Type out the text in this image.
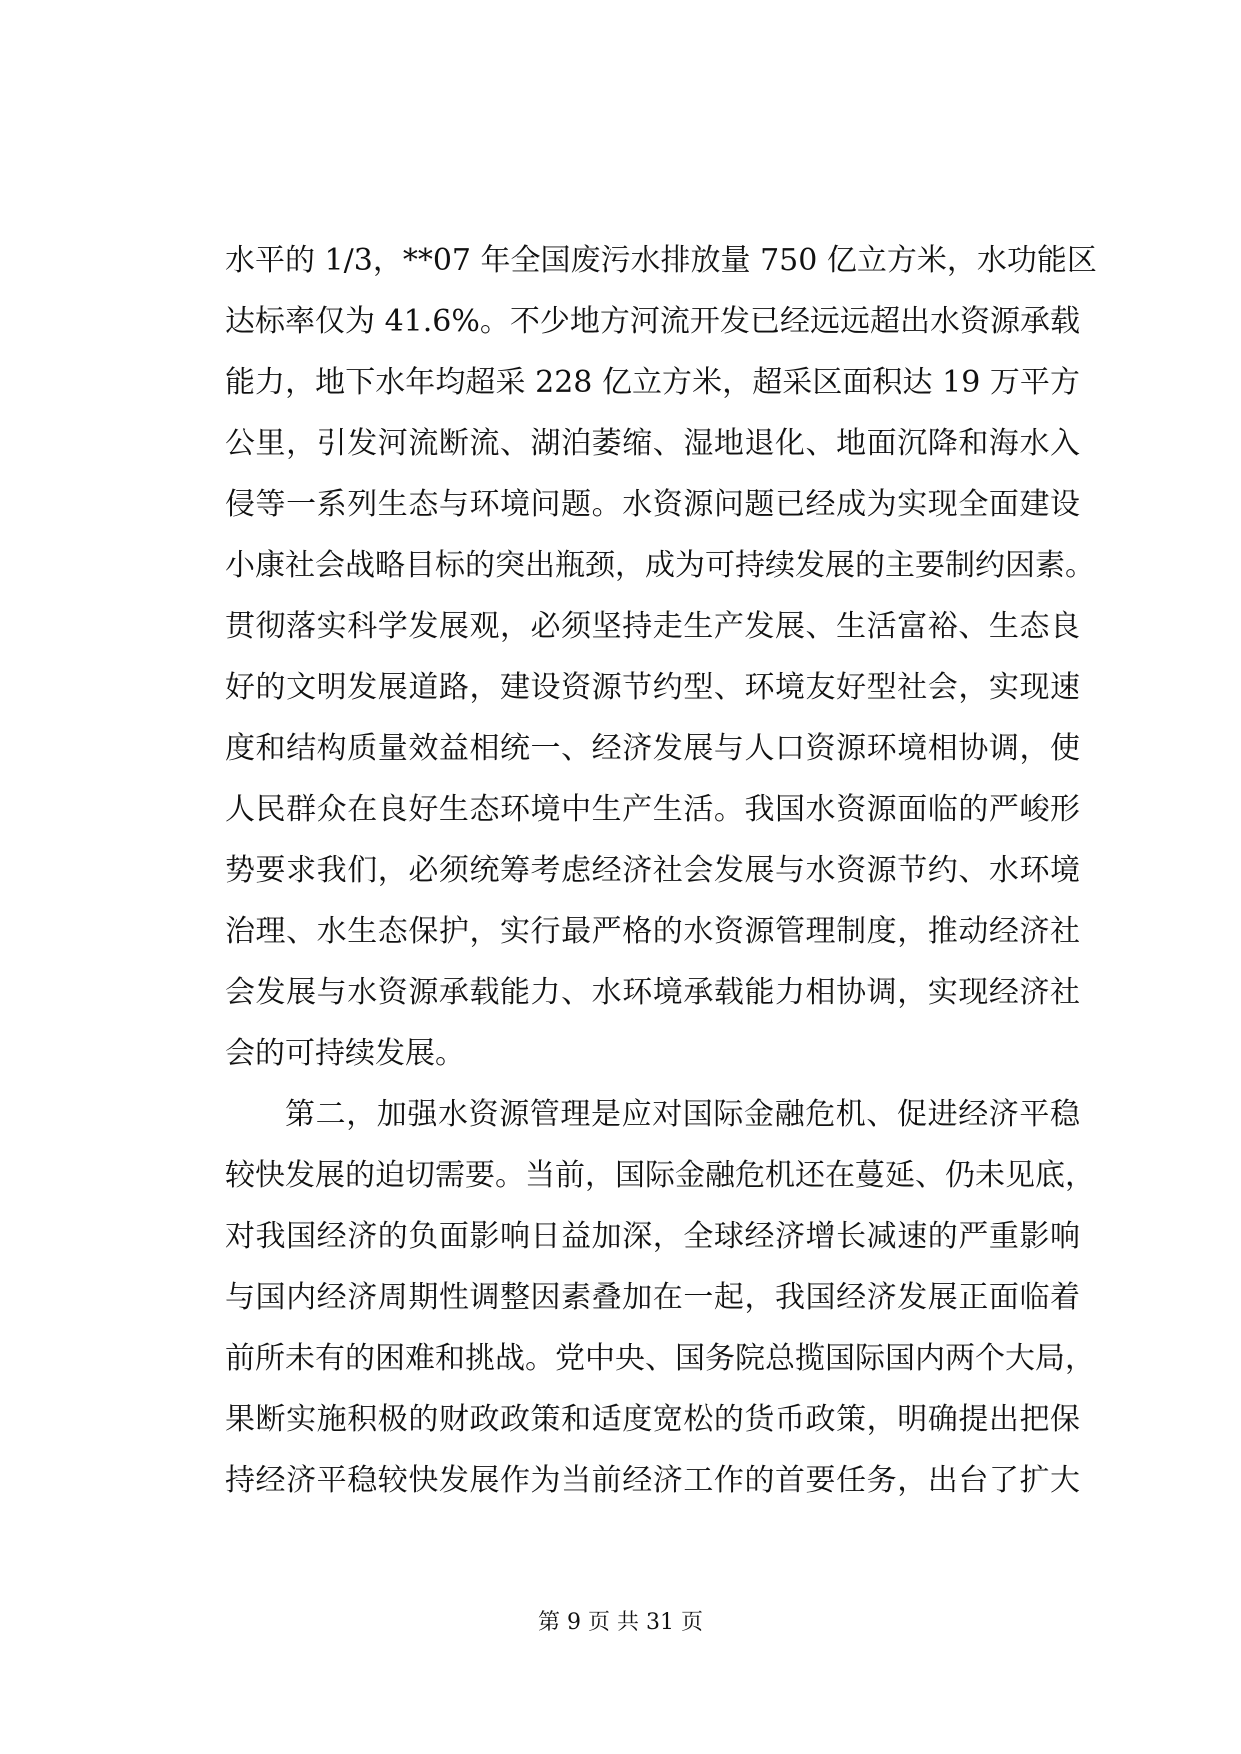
水平的 1/3，**07 年全国废污水排放量 750 亿立方米，水功能区
达标率仅为 41.6%。不少地方河流开发已经远远超出水资源承载
能力，地下水年均超采 228 亿立方米，超采区面积达 19 万平方
公里，引发河流断流、湖泊萎缩、湿地退化、地面沉降和海水入
侵等一系列生态与环境问题。水资源问题已经成为实现全面建设
小康社会战略目标的突出瓶颈，成为可持续发展的主要制约因素。
贯彻落实科学发展观，必须坚持走生产发展、生活富裕、生态良
好的文明发展道路，建设资源节约型、环境友好型社会，实现速
度和结构质量效益相统一、经济发展与人口资源环境相协调，使
人民群众在良好生态环境中生产生活。我国水资源面临的严峻形
势要求我们，必须统筹考虑经济社会发展与水资源节约、水环境
治理、水生态保护，实行最严格的水资源管理制度，推动经济社
会发展与水资源承载能力、水环境承载能力相协调，实现经济社
会的可持续发展。
第二，加强水资源管理是应对国际金融危机、促进经济平稳
较快发展的迫切需要。当前，国际金融危机还在蔓延、仍未见底，
对我国经济的负面影响日益加深，全球经济增长减速的严重影响
与国内经济周期性调整因素叠加在一起，我国经济发展正面临着
前所未有的困难和挑战。党中央、国务院总揽国际国内两个大局，
果断实施积极的财政政策和适度宽松的货币政策，明确提出把保
持经济平稳较快发展作为当前经济工作的首要任务，出台了扩大
第 9 页 共 31 页
